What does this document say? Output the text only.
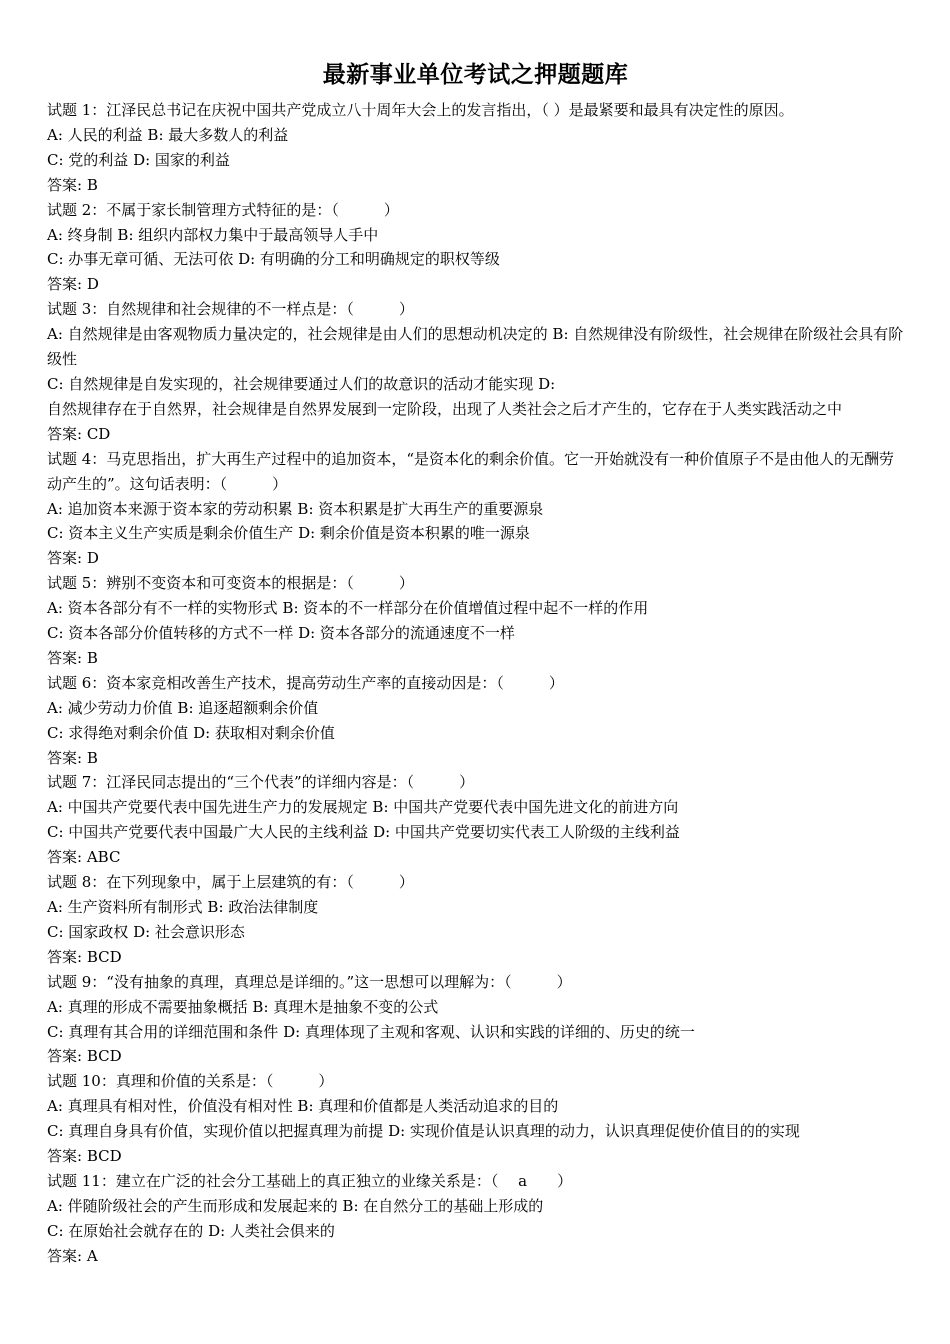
最新事业单位考试之押题题库

试题 1：江泽民总书记在庆祝中国共产党成立八十周年大会上的发言指出，（ ）是最紧要和最具有决定性的原因。

A: 人民的利益 B: 最大多数人的利益

C: 党的利益 D: 国家的利益

答案: B

试题 2：不属于家长制管理方式特征的是：（　　　）

A: 终身制 B: 组织内部权力集中于最高领导人手中

C: 办事无章可循、无法可依 D: 有明确的分工和明确规定的职权等级

答案: D

试题 3：自然规律和社会规律的不一样点是：（　　　）

A: 自然规律是由客观物质力量决定的，社会规律是由人们的思想动机决定的 B: 自然规律没有阶级性，社会规律在阶级社会具有阶级性

C: 自然规律是自发实现的，社会规律要通过人们的故意识的活动才能实现 D:

自然规律存在于自然界，社会规律是自然界发展到一定阶段，出现了人类社会之后才产生的，它存在于人类实践活动之中

答案: CD

试题 4：马克思指出，扩大再生产过程中的追加资本，“是资本化的剩余价值。它一开始就没有一种价值原子不是由他人的无酬劳动产生的”。这句话表明：（　　　）

A: 追加资本来源于资本家的劳动积累 B: 资本积累是扩大再生产的重要源泉

C: 资本主义生产实质是剩余价值生产 D: 剩余价值是资本积累的唯一源泉

答案: D

试题 5：辨别不变资本和可变资本的根据是：（　　　）

A: 资本各部分有不一样的实物形式 B: 资本的不一样部分在价值增值过程中起不一样的作用

C: 资本各部分价值转移的方式不一样 D: 资本各部分的流通速度不一样

答案: B

试题 6：资本家竞相改善生产技术，提高劳动生产率的直接动因是：（　　　）

A: 减少劳动力价值 B: 追逐超额剩余价值

C: 求得绝对剩余价值 D: 获取相对剩余价值

答案: B

试题 7：江泽民同志提出的“三个代表”的详细内容是：（　　　）

A: 中国共产党要代表中国先进生产力的发展规定 B: 中国共产党要代表中国先进文化的前进方向

C: 中国共产党要代表中国最广大人民的主线利益 D: 中国共产党要切实代表工人阶级的主线利益

答案: ABC

试题 8：在下列现象中，属于上层建筑的有：（　　　）

A: 生产资料所有制形式 B: 政治法律制度

C: 国家政权 D: 社会意识形态

答案: BCD

试题 9：“没有抽象的真理，真理总是详细的。”这一思想可以理解为：（　　　）

A: 真理的形成不需要抽象概括 B: 真理木是抽象不变的公式

C: 真理有其合用的详细范围和条件 D: 真理体现了主观和客观、认识和实践的详细的、历史的统一

答案: BCD

试题 10：真理和价值的关系是：（　　　）

A: 真理具有相对性，价值没有相对性 B: 真理和价值都是人类活动追求的目的

C: 真理自身具有价值，实现价值以把握真理为前提 D: 实现价值是认识真理的动力，认识真理促使价值目的的实现

答案: BCD

试题 11：建立在广泛的社会分工基础上的真正独立的业缘关系是：（　 a　　）

A: 伴随阶级社会的产生而形成和发展起来的 B: 在自然分工的基础上形成的

C: 在原始社会就存在的 D: 人类社会俱来的

答案: A
